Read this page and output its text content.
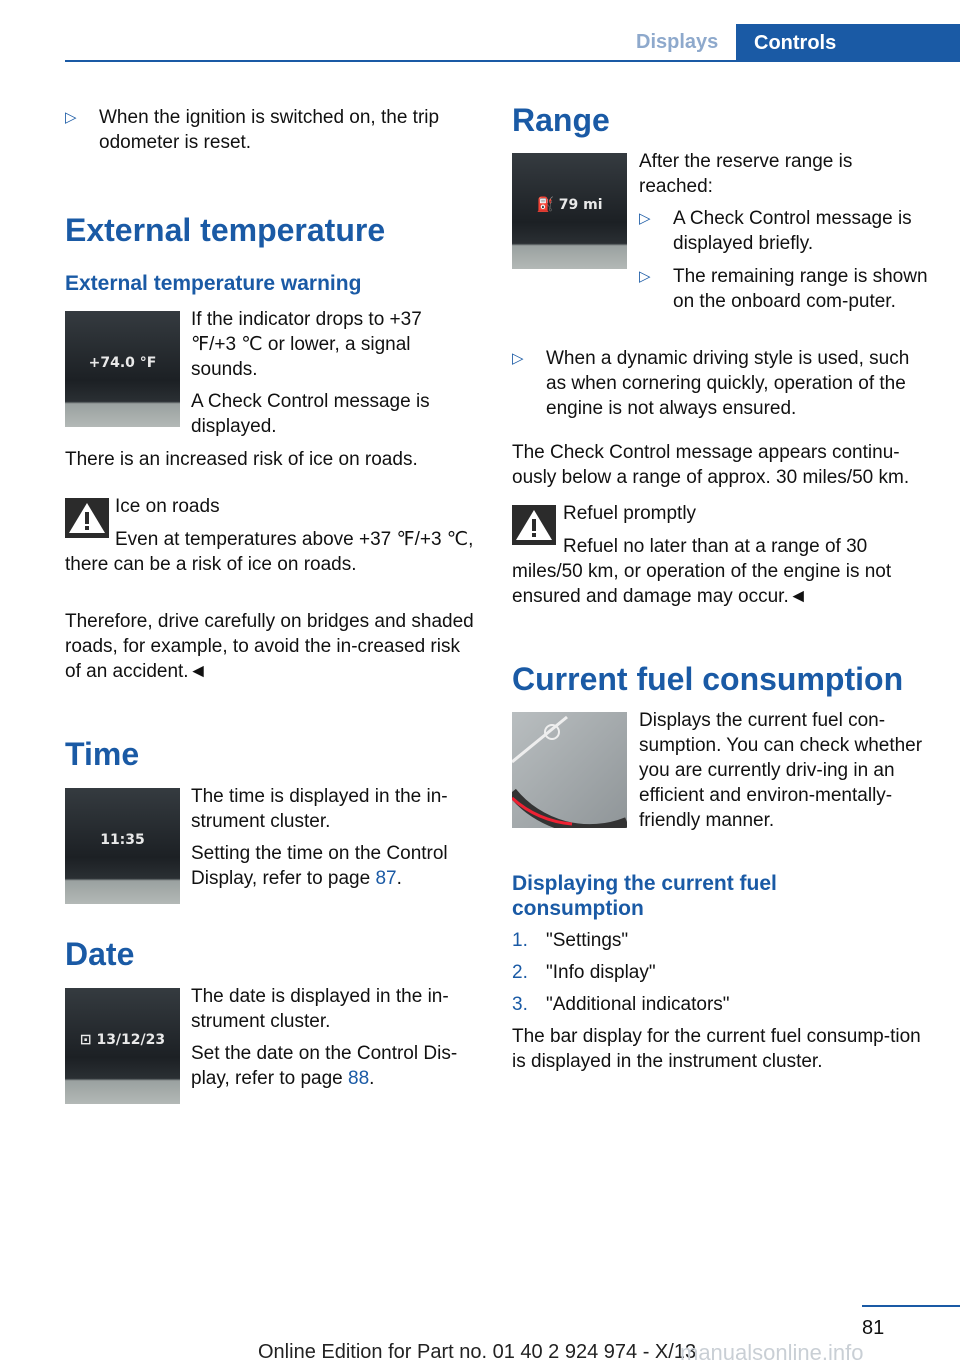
Displays	Controls
▷	When the ignition is switched on, the trip odometer is reset.
External temperature
External temperature warning
+74.0 °F

If the indicator drops to +37 ℉/+3 ℃ or lower, a signal sounds.

A Check Control message is displayed.

There is an increased risk of ice on roads.
Ice on roads
Even at temperatures above +37 ℉/+3 ℃, there can be a risk of ice on roads.
Therefore, drive carefully on bridges and shaded roads, for example, to avoid the in-creased risk of an accident.◄
Time
11:35

The time is displayed in the in-strument cluster.

Setting the time on the Control Display, refer to page 87.

Date
⊡ 13/12/23

The date is displayed in the in-strument cluster.

Set the date on the Control Dis-play, refer to page 88.

Range
⛽ 79 mi

After the reserve range is reached:

▷	A Check Control message is displayed briefly.
▷	The remaining range is shown on the onboard com-puter.
▷	When a dynamic driving style is used, such as when cornering quickly, operation of the engine is not always ensured.
The Check Control message appears continu-ously below a range of approx. 30 miles/50 km.
Refuel promptly
Refuel no later than at a range of 30 miles/50 km, or operation of the engine is not ensured and damage may occur.◄
Current fuel consumption
Displays the current fuel con-sumption. You can check whether you are currently driv-ing in an efficient and environ-mentally-friendly manner.
Displaying the current fuel consumption
1. "Settings"
2. "Info display"
3. "Additional indicators"
The bar display for the current fuel consump-tion is displayed in the instrument cluster.
81
Online Edition for Part no. 01 40 2 924 974 - X/13
manualsonline.info
